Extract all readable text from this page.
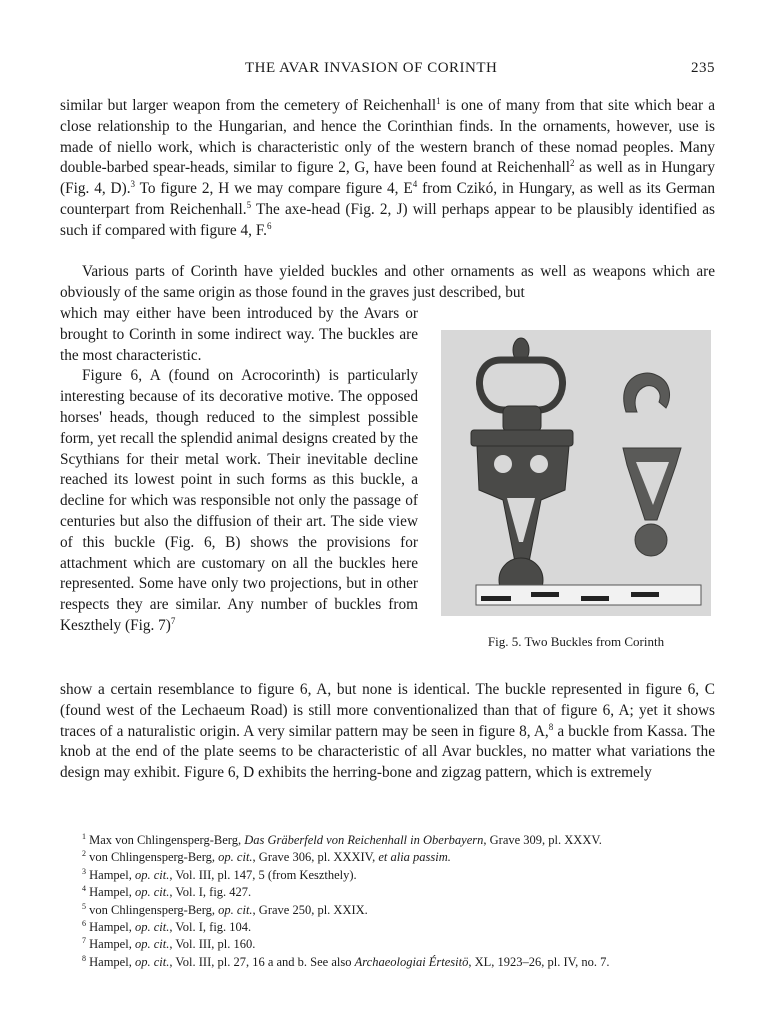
THE AVAR INVASION OF CORINTH	235

similar but larger weapon from the cemetery of Reichenhall$^1$ is one of many from that site which bear a close relationship to the Hungarian, and hence the Corinthian finds. In the ornaments, however, use is made of niello work, which is characteristic only of the western branch of these nomad peoples. Many double-barbed spear-heads, similar to figure 2, G, have been found at Reichenhall$^2$ as well as in Hungary (Fig. 4, D).$^3$ To figure 2, H we may compare figure 4, $E^4$ from Czikó, in Hungary, as well as its German counterpart from Reichenhall.$^5$ The axe-head (Fig. 2, J) will perhaps appear to be plausibly identified as such if compared with figure 4, F.$^6$

Various parts of Corinth have yielded buckles and other ornaments as well as weapons which are obviously of the same origin as those found in the graves just described, but

which may either have been introduced by the Avars or brought to Corinth in some indirect way. The buckles are the most characteristic.

Figure 6, A (found on Acrocorinth) is particularly interesting because of its decorative motive. The opposed horses' heads, though reduced to the simplest possible form, yet recall the splendid animal designs created by the Scythians for their metal work. Their inevitable decline reached its lowest point in such forms as this buckle, a decline for which was responsible not only the passage of centuries but also the diffusion of their art. The side view of this buckle (Fig. 6, B) shows the provisions for attachment which are customary on all the buckles here represented. Some have only two projections, but in other respects they are similar. Any number of buckles from Keszthely (Fig. 7)$^7$

Fig. 5. Two Buckles from Corinth

show a certain resemblance to figure 6, A, but none is identical. The buckle represented in figure 6, C (found west of the Lechaeum Road) is still more conventionalized than that of figure 6, A; yet it shows traces of a naturalistic origin. A very similar pattern may be seen in figure 8, A,$^8$ a buckle from Kassa. The knob at the end of the plate seems to be characteristic of all Avar buckles, no matter what variations the design may exhibit. Figure 6, D exhibits the herring-bone and zigzag pattern, which is extremely

$^1$ Max von Chlingensperg-Berg, Das Gräberfeld von Reichenhall in Oberbayern, Grave 309, pl. XXXV.
$^2$ von Chlingensperg-Berg, op. cit., Grave 306, pl. XXXIV, et alia passim.
$^3$ Hampel, op. cit., Vol. III, pl. 147, 5 (from Keszthely).
$^4$ Hampel, op. cit., Vol. I, fig. 427.
$^5$ von Chlingensperg-Berg, op. cit., Grave 250, pl. XXIX.
$^6$ Hampel, op. cit., Vol. I, fig. 104.
$^7$ Hampel, op. cit., Vol. III, pl. 160.
$^8$ Hampel, op. cit., Vol. III, pl. 27, 16 a and b. See also Archaeologiai Értesitö, XL, 1923–26, pl. IV, no. 7.
